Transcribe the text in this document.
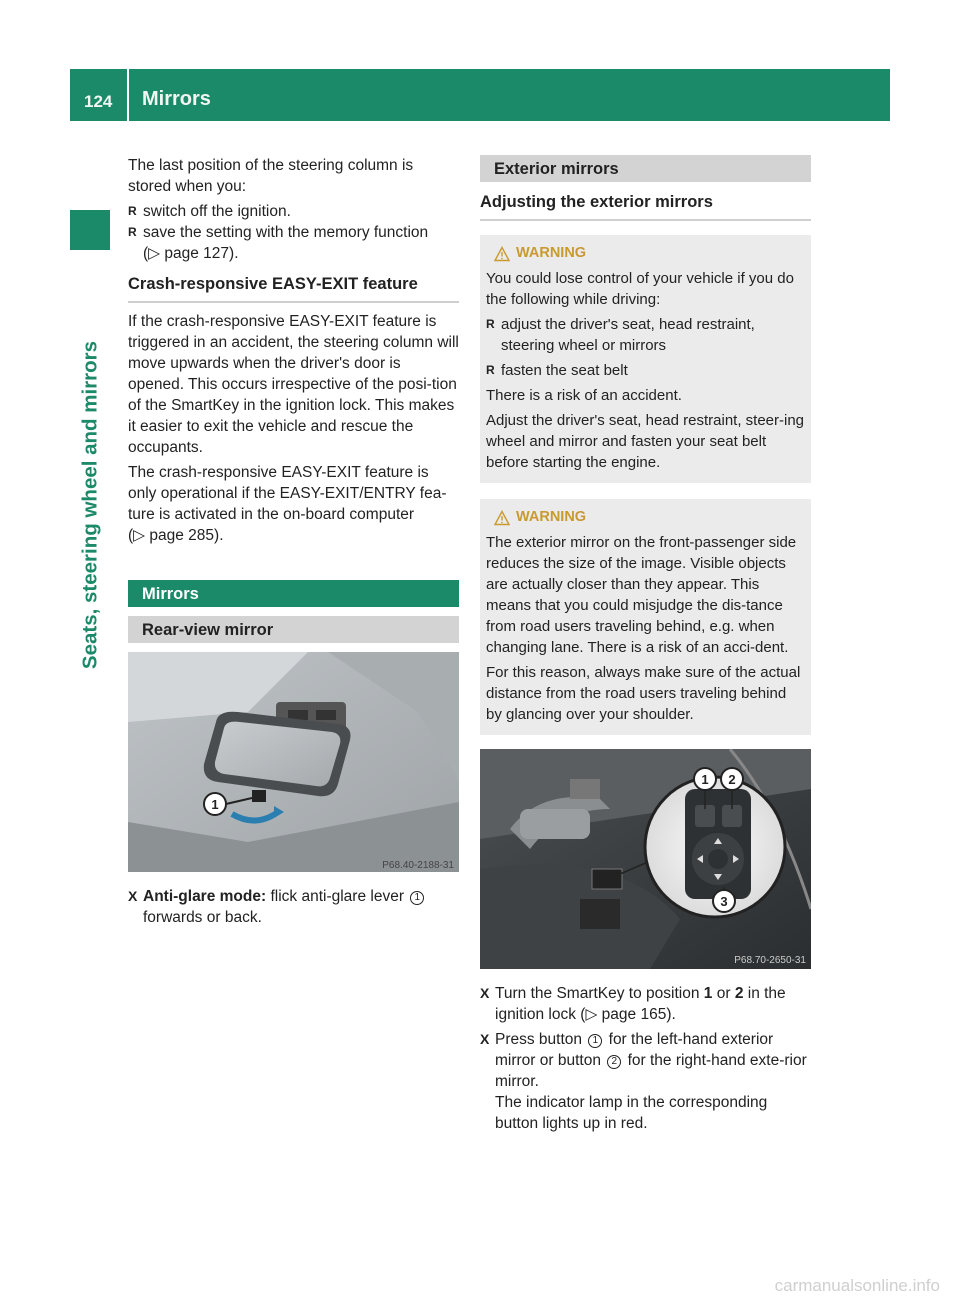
124 Mirrors
Seats, steering wheel and mirrors

The last position of the steering column is stored when you:

R switch off the ignition.
R save the setting with the memory function
(▷ page 127).
Crash-responsive EASY-EXIT feature

If the crash-responsive EASY-EXIT feature is triggered in an accident, the steering column will move upwards when the driver's door is opened. This occurs irrespective of the posi-tion of the SmartKey in the ignition lock. This makes it easier to exit the vehicle and rescue the occupants.

The crash-responsive EASY-EXIT feature is only operational if the EASY-EXIT/ENTRY fea-ture is activated in the on-board computer

(▷ page 285).

Mirrors
Rear-view mirror
1
P68.40-2188-31
X Anti-glare mode: flick anti-glare lever 1
forwards or back.
Exterior mirrors
Adjusting the exterior mirrors
WARNING

You could lose control of your vehicle if you do the following while driving:

R adjust the driver's seat, head restraint, steering wheel or mirrors
R fasten the seat belt

There is a risk of an accident.

Adjust the driver's seat, head restraint, steer-ing wheel and mirror and fasten your seat belt before starting the engine.

WARNING

The exterior mirror on the front-passenger side reduces the size of the image. Visible objects are actually closer than they appear. This means that you could misjudge the dis-tance from road users traveling behind, e.g. when changing lane. There is a risk of an acci-dent.

For this reason, always make sure of the actual distance from the road users traveling behind by glancing over your shoulder.

1 2
3
P68.70-2650-31
X Turn the SmartKey to position 1 or 2 in the ignition lock (▷ page 165).
X Press button 1 for the left-hand exterior mirror or button 2 for the right-hand exte-rior mirror.
The indicator lamp in the corresponding button lights up in red.
carmanualsonline.info
